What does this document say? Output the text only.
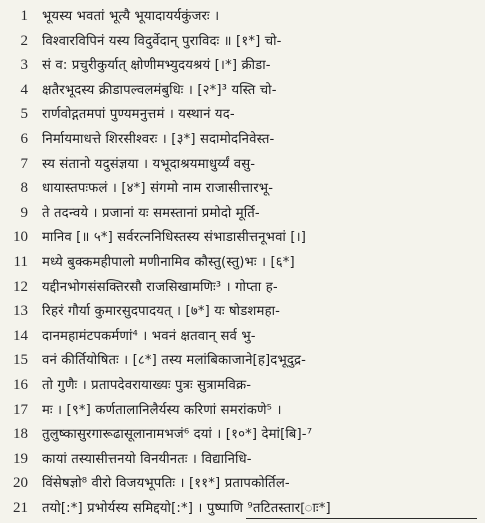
1 भूयस्य भवतां भूत्यै भूयादायर्यकुंजरः ।
2 विश्वारविपिनं यस्य विदुर्वेदान् पुराविदः ॥ [१*] चो-
3 सं व: प्रचुरीकुर्यात् क्षोणीमभ्युदयश्रयं [।*] क्रीडा-
4 क्षतैरभूदस्य क्रीडापल्वलमंबुधिः । [२*]³ यस्ति चो-
5 रार्णवोद्गतमपां पुण्यमनुत्तमं । यस्थानं यद-
6 निर्मायमाधत्ते शिरसीश्वरः । [३*] सदामोदनिवेस्त-
7 स्य संतानो यदुसंज्ञया । यभूदाश्रयमाधुर्य्यं वसु-
8 धायास्तपःफलं । [४*] संगमो नाम राजासीत्तारभू-
9 ते तदन्वये । प्रजानां यः समस्तानां प्रमोदो मूर्ति-
10 मानिव [॥ ५*] सर्वरत्ननिधिस्तस्य संभाडासीत्तनूभवां [।]
11 मध्ये बुक्कमहीपालो मणीनामिव कौस्तु(स्तु)भः । [६*]
12 यद्दीनभोगसंसक्तिरसौ राजसिखामणिः³ । गोप्ता ह-
13 रिहरं गौर्या कुमारसुदपादयत् । [७*] यः षोडशमहा-
14 दानमहामंटपकर्मणां⁴ । भवनं क्षतवान् सर्व भु-
15 वनं कीर्तियोषितः । [८*] तस्य मलांबिकाजाने[ह]दभूदुद्र-
16 तो गुणैः । प्रतापदेवरायाख्यः पुत्रः सुत्रामविक्र-
17 मः । [९*] कर्णतालानिलैर्यस्य करिणां समरांकणे⁵ ।
18 तुलुष्कासुरगारूढासूलानामभजं⁶ दयां । [१०*] देमां[बि]-⁷
19 कायां तस्यासीत्तनयो विनयीनतः । विद्यानिधि-
20 विंसेषज्ञो⁸ वीरो विजयभूपतिः । [११*] प्रतापकोर्तिल-
21 तयो[:*] प्रभोर्यस्य समिद्दयो[:*] । पुष्पाणि ⁹तटितस्तार[ाः*]
